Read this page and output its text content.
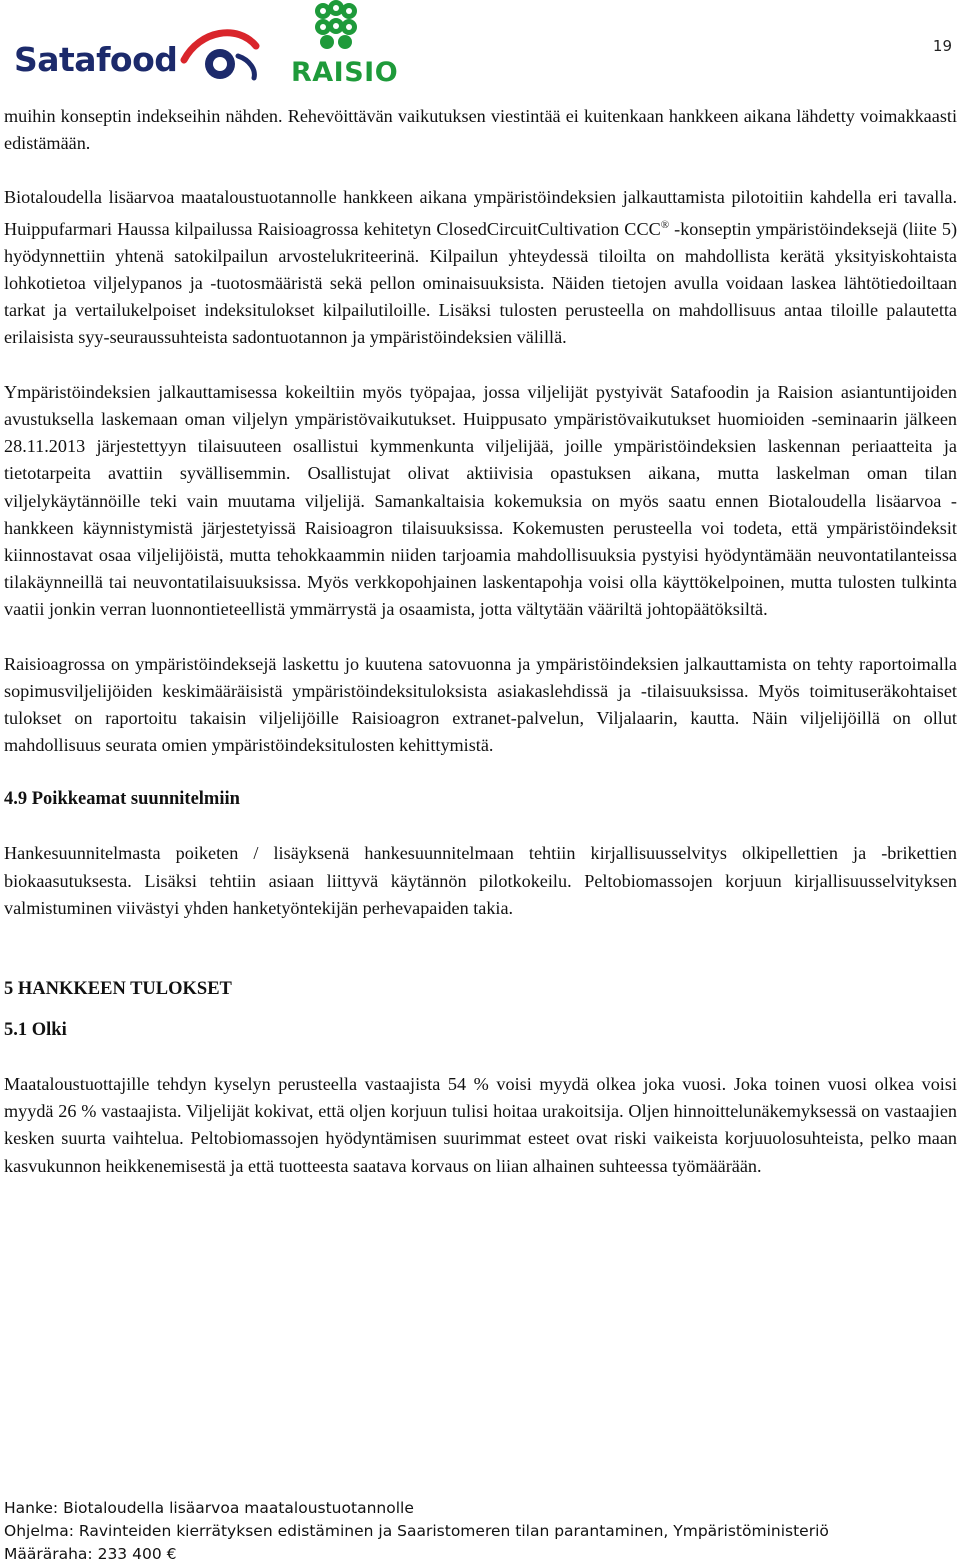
Satafood	RAISIO
19

muihin konseptin indekseihin nähden. Rehevöittävän vaikutuksen viestintää ei kuitenkaan hankkeen aikana lähdetty voimakkaasti edistämään.

Biotaloudella lisäarvoa maataloustuotannolle hankkeen aikana ympäristöindeksien jalkauttamista pilotoitiin kahdella eri tavalla. Huippufarmari Haussa kilpailussa Raisioagrossa kehitetyn ClosedCircuitCultivation CCC® -konseptin ympäristöindeksejä (liite 5) hyödynnettiin yhtenä satokilpailun arvostelukriteerinä. Kilpailun yhteydessä tiloilta on mahdollista kerätä yksityiskohtaista lohkotietoa viljelypanos ja -tuotosmääristä sekä pellon ominaisuuksista. Näiden tietojen avulla voidaan laskea lähtötiedoiltaan tarkat ja vertailukelpoiset indeksitulokset kilpailutiloille. Lisäksi tulosten perusteella on mahdollisuus antaa tiloille palautetta erilaisista syy-seuraussuhteista sadontuotannon ja ympäristöindeksien välillä.

Ympäristöindeksien jalkauttamisessa kokeiltiin myös työpajaa, jossa viljelijät pystyivät Satafoodin ja Raision asiantuntijoiden avustuksella laskemaan oman viljelyn ympäristövaikutukset. Huippusato ympäristövaikutukset huomioiden -seminaarin jälkeen 28.11.2013 järjestettyyn tilaisuuteen osallistui kymmenkunta viljelijää, joille ympäristöindeksien laskennan periaatteita ja tietotarpeita avattiin syvällisemmin. Osallistujat olivat aktiivisia opastuksen aikana, mutta laskelman oman tilan viljelykäytännöille teki vain muutama viljelijä. Samankaltaisia kokemuksia on myös saatu ennen Biotaloudella lisäarvoa -hankkeen käynnistymistä järjestetyissä Raisioagron tilaisuuksissa. Kokemusten perusteella voi todeta, että ympäristöindeksit kiinnostavat osaa viljelijöistä, mutta tehokkaammin niiden tarjoamia mahdollisuuksia pystyisi hyödyntämään neuvontatilanteissa tilakäynneillä tai neuvontatilaisuuksissa. Myös verkkopohjainen laskentapohja voisi olla käyttökelpoinen, mutta tulosten tulkinta vaatii jonkin verran luonnontieteellistä ymmärrystä ja osaamista, jotta vältytään vääriltä johtopäätöksiltä.

Raisioagrossa on ympäristöindeksejä laskettu jo kuutena satovuonna ja ympäristöindeksien jalkauttamista on tehty raportoimalla sopimusviljelijöiden keskimääräisistä ympäristöindeksituloksista asiakaslehdissä ja -tilaisuuksissa. Myös toimituseräkohtaiset tulokset on raportoitu takaisin viljelijöille Raisioagron extranet-palvelun, Viljalaarin, kautta. Näin viljelijöillä on ollut mahdollisuus seurata omien ympäristöindeksitulosten kehittymistä.

4.9 Poikkeamat suunnitelmiin

Hankesuunnitelmasta poiketen / lisäyksenä hankesuunnitelmaan tehtiin kirjallisuusselvitys olkipellettien ja -brikettien biokaasutuksesta. Lisäksi tehtiin asiaan liittyvä käytännön pilotkokeilu. Peltobiomassojen korjuun kirjallisuusselvityksen valmistuminen viivästyi yhden hanketyöntekijän perhevapaiden takia.

5 HANKKEEN TULOKSET
5.1 Olki

Maataloustuottajille tehdyn kyselyn perusteella vastaajista 54 % voisi myydä olkea joka vuosi. Joka toinen vuosi olkea voisi myydä 26 % vastaajista. Viljelijät kokivat, että oljen korjuun tulisi hoitaa urakoitsija. Oljen hinnoittelunäkemyksessä on vastaajien kesken suurta vaihtelua. Peltobiomassojen hyödyntämisen suurimmat esteet ovat riski vaikeista korjuuolosuhteista, pelko maan kasvukunnon heikkenemisestä ja että tuotteesta saatava korvaus on liian alhainen suhteessa työmäärään.

Hanke: Biotaloudella lisäarvoa maataloustuotannolle
Ohjelma: Ravinteiden kierrätyksen edistäminen ja Saaristomeren tilan parantaminen, Ympäristöministeriö
Määräraha: 233 400 €
